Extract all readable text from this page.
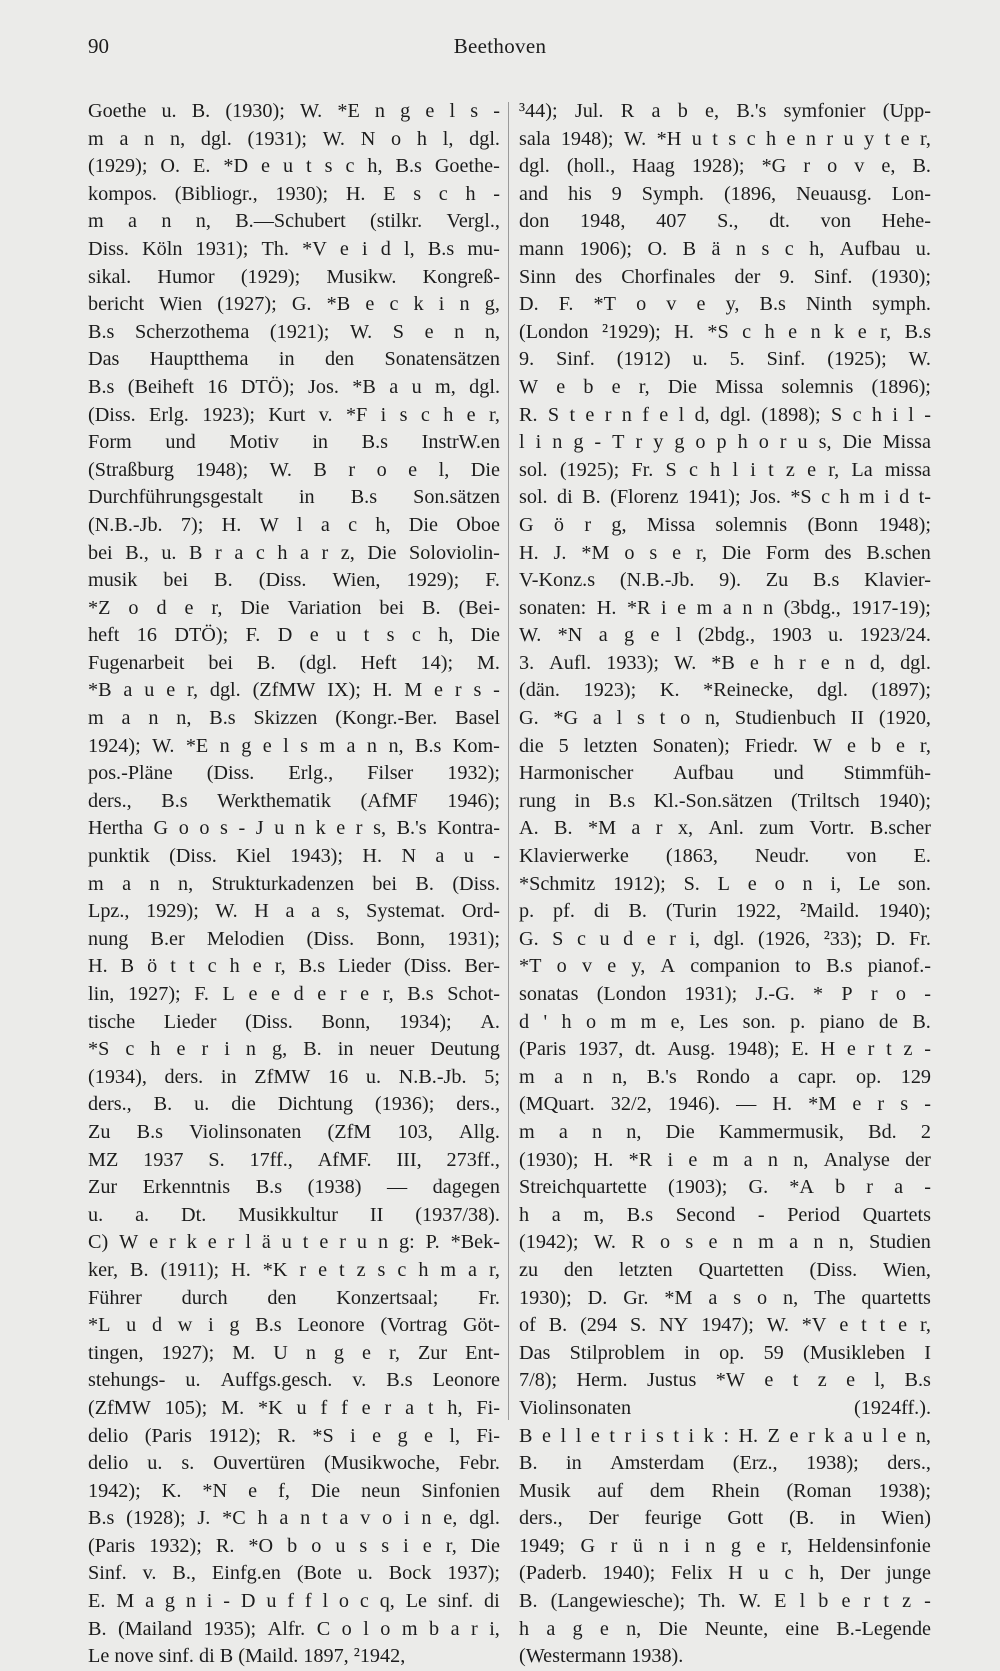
90	Beethoven
Goethe u. B. (1930); W. *E n g e l s -
m a n n, dgl. (1931); W. N o h l, dgl.
(1929); O. E. *D e u t s c h, B.s Goethe-
kompos. (Bibliogr., 1930); H. E s c h -
m a n n, B.—Schubert (stilkr. Vergl.,
Diss. Köln 1931); Th. *V e i d l, B.s mu-
sikal. Humor (1929); Musikw. Kongreß-
bericht Wien (1927); G. *B e c k i n g,
B.s Scherzothema (1921); W. S e n n,
Das Hauptthema in den Sonatensätzen
B.s (Beiheft 16 DTÖ); Jos. *B a u m, dgl.
(Diss. Erlg. 1923); Kurt v. *F i s c h e r,
Form und Motiv in B.s InstrW.en
(Straßburg 1948); W. B r o e l, Die
Durchführungsgestalt in B.s Son.sätzen
(N.B.-Jb. 7); H. W l a c h, Die Oboe
bei B., u. B r a c h a r z, Die Soloviolin-
musik bei B. (Diss. Wien, 1929); F.
*Z o d e r, Die Variation bei B. (Bei-
heft 16 DTÖ); F. D e u t s c h, Die
Fugenarbeit bei B. (dgl. Heft 14); M.
*B a u e r, dgl. (ZfMW IX); H. M e r s -
m a n n, B.s Skizzen (Kongr.-Ber. Basel
1924); W. *E n g e l s m a n n, B.s Kom-
pos.-Pläne (Diss. Erlg., Filser 1932);
ders., B.s Werkthematik (AfMF 1946);
Hertha G o o s - J u n k e r s, B.'s Kontra-
punktik (Diss. Kiel 1943); H. N a u -
m a n n, Strukturkadenzen bei B. (Diss.
Lpz., 1929); W. H a a s, Systemat. Ord-
nung B.er Melodien (Diss. Bonn, 1931);
H. B ö t t c h e r, B.s Lieder (Diss. Ber-
lin, 1927); F. L e e d e r e r, B.s Schot-
tische Lieder (Diss. Bonn, 1934); A.
*S c h e r i n g, B. in neuer Deutung
(1934), ders. in ZfMW 16 u. N.B.-Jb. 5;
ders., B. u. die Dichtung (1936); ders.,
Zu B.s Violinsonaten (ZfM 103, Allg.
MZ 1937 S. 17ff., AfMF. III, 273ff.,
Zur Erkenntnis B.s (1938) — dagegen
u. a. Dt. Musikkultur II (1937/38).
C) W e r k e r l ä u t e r u n g: P. *Bek-
ker, B. (1911); H. *K r e t z s c h m a r,
Führer durch den Konzertsaal; Fr.
*L u d w i g B.s Leonore (Vortrag Göt-
tingen, 1927); M. U n g e r, Zur Ent-
stehungs- u. Auffgs.gesch. v. B.s Leonore
(ZfMW 105); M. *K u f f e r a t h, Fi-
delio (Paris 1912); R. *S i e g e l, Fi-
delio u. s. Ouvertüren (Musikwoche, Febr.
1942); K. *N e f, Die neun Sinfonien
B.s (1928); J. *C h a n t a v o i n e, dgl.
(Paris 1932); R. *O b o u s s i e r, Die
Sinf. v. B., Einfg.en (Bote u. Bock 1937);
E. M a g n i - D u f f l o c q, Le sinf. di
B. (Mailand 1935); Alfr. C o l o m b a r i,
Le nove sinf. di B (Maild. 1897, ²1942,
³44); Jul. R a b e, B.'s symfonier (Upp-
sala 1948); W. *H u t s c h e n r u y t e r,
dgl. (holl., Haag 1928); *G r o v e, B.
and his 9 Symph. (1896, Neuausg. Lon-
don 1948, 407 S., dt. von Hehe-
mann 1906); O. B ä n s c h, Aufbau u.
Sinn des Chorfinales der 9. Sinf. (1930);
D. F. *T o v e y, B.s Ninth symph.
(London ²1929); H. *S c h e n k e r, B.s
9. Sinf. (1912) u. 5. Sinf. (1925); W.
W e b e r, Die Missa solemnis (1896);
R. S t e r n f e l d, dgl. (1898); S c h i l -
l i n g - T r y g o p h o r u s, Die Missa
sol. (1925); Fr. S c h l i t z e r, La missa
sol. di B. (Florenz 1941); Jos. *S c h m i d t-
G ö r g, Missa solemnis (Bonn 1948);
H. J. *M o s e r, Die Form des B.schen
V-Konz.s (N.B.-Jb. 9). Zu B.s Klavier-
sonaten: H. *R i e m a n n (3bdg., 1917-19);
W. *N a g e l (2bdg., 1903 u. 1923/24.
3. Aufl. 1933); W. *B e h r e n d, dgl.
(dän. 1923); K. *Reinecke, dgl. (1897);
G. *G a l s t o n, Studienbuch II (1920,
die 5 letzten Sonaten); Friedr. W e b e r,
Harmonischer Aufbau und Stimmfüh-
rung in B.s Kl.-Son.sätzen (Triltsch 1940);
A. B. *M a r x, Anl. zum Vortr. B.scher
Klavierwerke (1863, Neudr. von E.
*Schmitz 1912); S. L e o n i, Le son.
p. pf. di B. (Turin 1922, ²Maild. 1940);
G. S c u d e r i, dgl. (1926, ²33); D. Fr.
*T o v e y, A companion to B.s pianof.-
sonatas (London 1931); J.-G. * P r o -
d ' h o m m e, Les son. p. piano de B.
(Paris 1937, dt. Ausg. 1948); E. H e r t z -
m a n n, B.'s Rondo a capr. op. 129
(MQuart. 32/2, 1946). — H. *M e r s -
m a n n, Die Kammermusik, Bd. 2
(1930); H. *R i e m a n n, Analyse der
Streichquartette (1903); G. *A b r a -
h a m, B.s Second - Period Quartets
(1942); W. R o s e n m a n n, Studien
zu den letzten Quartetten (Diss. Wien,
1930); D. Gr. *M a s o n, The quartetts
of B. (294 S. NY 1947); W. *V e t t e r,
Das Stilproblem in op. 59 (Musikleben I
7/8); Herm. Justus *W e t z e l, B.s
Violinsonaten	(1924ff.).
B e l l e t r i s t i k : H. Z e r k a u l e n,
B. in Amsterdam (Erz., 1938); ders.,
Musik auf dem Rhein (Roman 1938);
ders., Der feurige Gott (B. in Wien)
1949; G r ü n i n g e r, Heldensinfonie
(Paderb. 1940); Felix H u c h, Der junge
B. (Langewiesche); Th. W. E l b e r t z -
h a g e n, Die Neunte, eine B.-Legende
(Westermann 1938).
